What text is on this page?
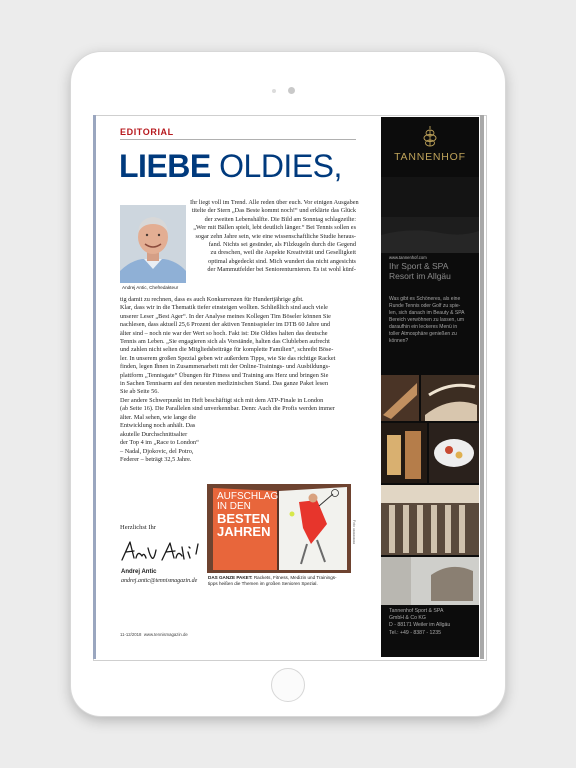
EDITORIAL
LIEBE OLDIES,
Andrej Antic, Chefredakteur
Ihr liegt voll im Trend. Alle reden über euch. Vor einigen Ausgaben
titelte der Stern „Das Beste kommt noch!“ und erklärte das Glück
der zweiten Lebenshälfte. Die Bild am Sonntag schlagzeilte:
„Wer mit Bällen spielt, lebt deutlich länger.“ Bei Tennis sollen es
sogar zehn Jahre sein, wie eine wissenschaftliche Studie heraus-
fand. Nichts sei gesünder, als Filzkugeln durch die Gegend
zu dreschen, weil die Aspekte Kreativität und Geselligkeit
optimal abgedeckt sind. Mich wundert das nicht angesichts
der Mammutfelder bei Seniorenturnieren. Es ist wohl künf-
tig damit zu rechnen, dass es auch Konkurrenzen für Hundertjährige gibt.
Klar, dass wir in die Thematik tiefer einsteigen wollten. Schließlich sind auch viele
unserer Leser „Best Ager“. In der Analyse meines Kollegen Tim Böseler können Sie
nachlesen, dass aktuell 25,6 Prozent der aktiven Tennisspieler im DTB 60 Jahre und
älter sind – noch nie war der Wert so hoch. Fakt ist: Die Oldies halten das deutsche
Tennis am Leben. „Sie engagieren sich als Vorstände, halten das Clubleben aufrecht
und zahlen nicht selten die Mitgliedsbeiträge für komplette Familien“, schreibt Böse-
ler. In unserem großen Spezial geben wir außerdem Tipps, wie Sie das richtige Racket
finden, legen Ihnen in Zusammenarbeit mit der Online-Trainings- und Ausbildungs-
plattform „Tennisgate“ Übungen für Fitness und Training ans Herz und bringen Sie
in Sachen Tennisarm auf den neuesten medizinischen Stand. Das ganze Paket lesen
Sie ab Seite 56.
Der andere Schwerpunkt im Heft beschäftigt sich mit dem ATP-Finale in London
(ab Seite 16). Die Parallelen sind unverkennbar. Denn: Auch die Profis werden immer
älter. Mal sehen, wie lange die
Entwicklung noch anhält. Das
akutelle Durchschnittsalter
der Top 4 im „Race to London“
– Nadal, Djokovic, del Potro,
Federer – beträgt 32,5 Jahre.
AUFSCHLAG
IN DEN
BESTEN
JAHREN	Foto: xxxxxxxxxx
DAS GANZE PAKET: Rackets, Fitness, Medizin und Trainings-
tipps heißen die Themen im großen Senioren Spezial.
Herzlichst Ihr
Andrej Antic
andrej.antic@tennismagazin.de
11-12/2018 www.tennismagazin.de
TANNENHOF
www.tannenhof.com
Ihr Sport & SPA
Resort im Allgäu
Was gibt es Schöneres, als eine
Runde Tennis oder Golf zu spie-
len, sich danach im Beauty & SPA
Bereich verwöhnen zu lassen, um
daraufhin ein leckeres Menü in
toller Atmosphäre genießen zu
können?
Tannenhof Sport & SPA
GmbH & Co KG
D - 88171 Weiler im Allgäu
Tel.: +49 - 8387 - 1235
